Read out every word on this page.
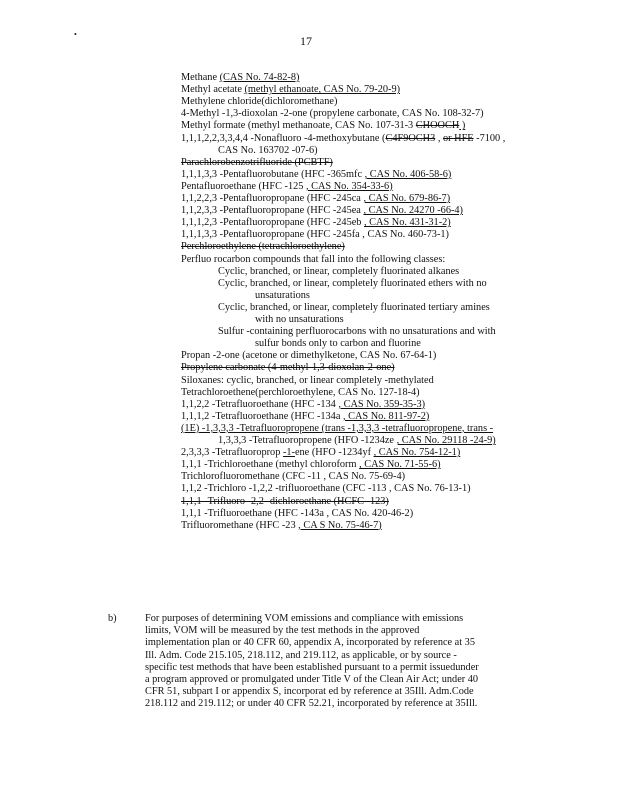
•	17
Methane (CAS No. 74-82-8)
Methyl acetate (methyl ethanoate, CAS No. 79-20-9)
Methylene chloride(dichloromethane)
4-Methyl -1,3-dioxolan -2-one (propylene carbonate, CAS No. 108-32-7)
Methyl formate (methyl methanoate, CAS No. 107-31-3 CHOOCH )
1,1,1,2,2,3,3,4,4 -Nonafluoro -4-methoxybutane (C4F9OCH3 , or HFE -7100 ,
CAS No. 163702 -07-6)
Parachlorobenzotrifluoride (PCBTF)
1,1,1,3,3 -Pentafluorobutane (HFC -365mfc , CAS No. 406-58-6)
Pentafluoroethane (HFC -125 , CAS No. 354-33-6)
1,1,2,2,3 -Pentafluoropropane (HFC -245ca , CAS No. 679-86-7)
1,1,2,3,3 -Pentafluoropropane (HFC -245ea , CAS No. 24270 -66-4)
1,1,1,2,3 -Pentafluoropropane (HFC -245eb , CAS No. 431-31-2)
1,1,1,3,3 -Pentafluoropropane (HFC -245fa , CAS No. 460-73-1)
Perchloroethylene (tetrachloroethylene)
Perfluo rocarbon compounds that fall into the following classes:
Cyclic, branched, or linear, completely fluorinated alkanes
Cyclic, branched, or linear, completely fluorinated ethers with no
unsaturations
Cyclic, branched, or linear, completely fluorinated tertiary amines
with no unsaturations
Sulfur -containing perfluorocarbons with no unsaturations and with
sulfur bonds only to carbon and fluorine
Propan -2-one (acetone or dimethylketone, CAS No. 67-64-1)
Propylene carbonate (4-methyl-1,3-dioxolan-2-one)
Siloxanes: cyclic, branched, or linear completely -methylated
Tetrachloroethene(perchloroethylene, CAS No. 127-18-4)
1,1,2,2 -Tetrafluoroethane (HFC -134 , CAS No. 359-35-3)
1,1,1,2 -Tetrafluoroethane (HFC -134a , CAS No. 811-97-2)
(1E) -1,3,3,3 -Tetrafluoropropene (trans -1,3,3,3 -tetrafluoropropene, trans -
1,3,3,3 -Tetrafluoropropene (HFO -1234ze , CAS No. 29118 -24-9)
2,3,3,3 -Tetrafluoroprop -1-ene (HFO -1234yf , CAS No. 754-12-1)
1,1,1 -Trichloroethane (methyl chloroform , CAS No. 71-55-6)
Trichlorofluoromethane (CFC -11 , CAS No. 75-69-4)
1,1,2 -Trichloro -1,2,2 -trifluoroethane (CFC -113 , CAS No. 76-13-1)
1,1,1 -Trifluoro -2,2 -dichloroethane (HCFC -123)
1,1,1 -Trifluoroethane (HFC -143a , CAS No. 420-46-2)
Trifluoromethane (HFC -23 , CA S No. 75-46-7)
b)	For purposes of determining VOM emissions and compliance with emissions
limits, VOM will be measured by the test methods in the approved
implementation plan or 40 CFR 60, appendix A, incorporated by reference at 35
Ill. Adm. Code 215.105, 218.112, and 219.112, as applicable, or by source -
specific test methods that have been established pursuant to a permit issuedunder
a program approved or promulgated under Title V of the Clean Air Act; under 40
CFR 51, subpart I or appendix S, incorporat ed by reference at 35Ill. Adm.Code
218.112 and 219.112; or under 40 CFR 52.21, incorporated by reference at 35Ill.
